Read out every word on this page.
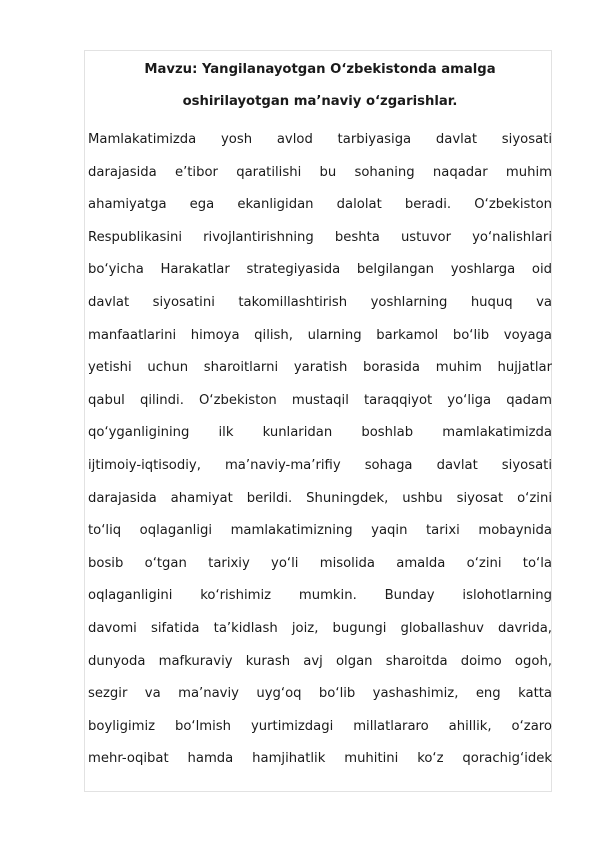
Mavzu: Yangilanayotgan O‘zbekistonda amalga
oshirilayotgan ma’naviy o‘zgarishlar.
Mamlakatimizda yosh avlod tarbiyasiga davlat siyosati
darajasida e’tibor qaratilishi bu sohaning naqadar muhim
ahamiyatga ega ekanligidan dalolat beradi. O‘zbekiston
Respublikasini rivojlantirishning beshta ustuvor yo‘nalishlari
bo‘yicha Harakatlar strategiyasida belgilangan yoshlarga oid
davlat siyosatini takomillashtirish yoshlarning huquq va
manfaatlarini himoya qilish, ularning barkamol bo‘lib voyaga
yetishi uchun sharoitlarni yaratish borasida muhim hujjatlar
qabul qilindi. O‘zbekiston mustaqil taraqqiyot yo‘liga qadam
qo‘yganligining ilk kunlaridan boshlab mamlakatimizda
ijtimoiy-iqtisodiy, ma’naviy-ma’rifiy sohaga davlat siyosati
darajasida ahamiyat berildi. Shuningdek, ushbu siyosat o‘zini
to‘liq oqlaganligi mamlakatimizning yaqin tarixi mobaynida
bosib o‘tgan tarixiy yo‘li misolida amalda o‘zini to‘la
oqlaganligini ko‘rishimiz mumkin. Bunday islohotlarning
davomi sifatida ta’kidlash joiz, bugungi globallashuv davrida,
dunyoda mafkuraviy kurash avj olgan sharoitda doimo ogoh,
sezgir va ma’naviy uyg‘oq bo‘lib yashashimiz, eng katta
boyligimiz bo‘lmish yurtimizdagi millatlararo ahillik, o‘zaro
mehr-oqibat hamda hamjihatlik muhitini ko‘z qorachig‘idek
